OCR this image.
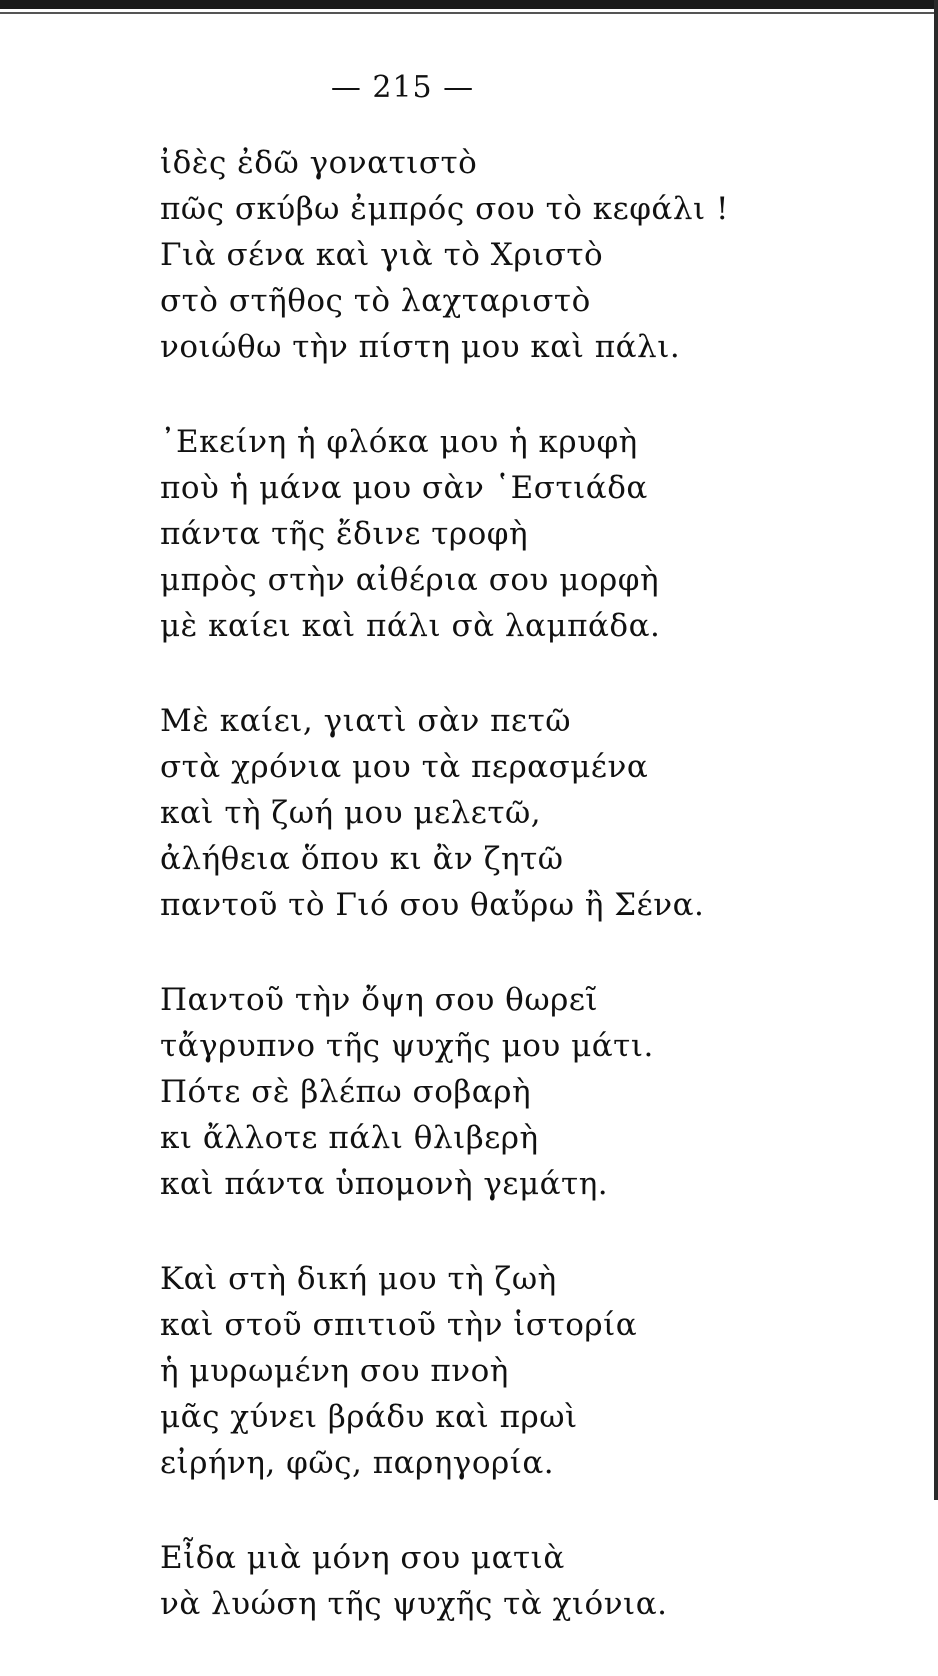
— 215 —
ἰδὲς ἐδῶ γονατιστὸ
πῶς σκύβω ἐμπρός σου τὸ κεφάλι !
Γιὰ σένα καὶ γιὰ τὸ Χριστὸ
στὸ στῆθος τὸ λαχταριστὸ
νοιώθω τὴν πίστη μου καὶ πάλι.
᾿Εκείνη ἡ φλόκα μου ἡ κρυφὴ
ποὺ ἡ μάνα μου σὰν ῾Εστιάδα
πάντα τῆς ἔδινε τροφὴ
μπρὸς στὴν αἰθέρια σου μορφὴ
μὲ καίει καὶ πάλι σὰ λαμπάδα.
Μὲ καίει, γιατὶ σὰν πετῶ
στὰ χρόνια μου τὰ περασμένα
καὶ τὴ ζωή μου μελετῶ,
ἀλήθεια ὅπου κι ἂν ζητῶ
παντοῦ τὸ Γιό σου θαὔρω ἢ Σένα.
Παντοῦ τὴν ὄψη σου θωρεῖ
τἄγρυπνο τῆς ψυχῆς μου μάτι.
Πότε σὲ βλέπω σοβαρὴ
κι ἄλλοτε πάλι θλιβερὴ
καὶ πάντα ὑπομονὴ γεμάτη.
Καὶ στὴ δική μου τὴ ζωὴ
καὶ στοῦ σπιτιοῦ τὴν ἱστορία
ἡ μυρωμένη σου πνοὴ
μᾶς χύνει βράδυ καὶ πρωὶ
εἰρήνη, φῶς, παρηγορία.
Εἶδα μιὰ μόνη σου ματιὰ
νὰ λυώση τῆς ψυχῆς τὰ χιόνια.
